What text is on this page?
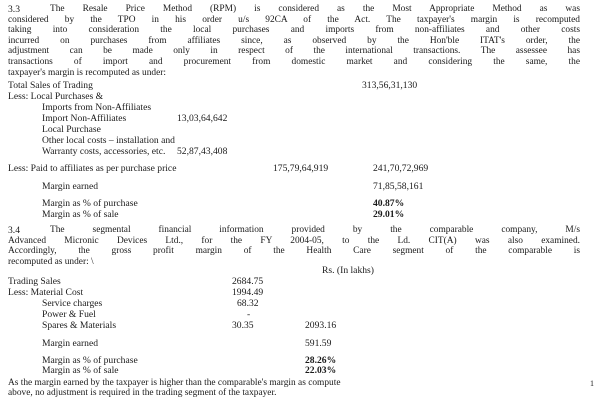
3.3	The Resale Price Method (RPM) is considered as the Most Appropriate Method as was
considered by the TPO in his order u/s 92CA of the Act. The taxpayer's margin is recomputed
taking into consideration the local purchases and imports from non-affiliates and other costs
incurred on purchases from affiliates since, as observed by the Hon'ble ITAT's order, the
adjustment can be made only in respect of the international transactions. The assessee has
transactions of import and procurement from domestic market and considering the same, the
taxpayer's margin is recomputed as under:
Total Sales of Trading	313,56,31,130
Less: Local Purchases &
Imports from Non-Affiliates
Import Non-Affiliates	13,03,64,642
Local Purchase
Other local costs – installation and
Warranty costs, accessories, etc. 52,87,43,408
Less: Paid to affiliates as per purchase price	175,79,64,919	241,70,72,969
Margin earned	71,85,58,161
Margin as % of purchase	40.87%
Margin as % of sale	29.01%
3.4	The segmental financial information provided by the comparable company, M/s
Advanced Micronic Devices Ltd., for the FY 2004-05, to the Ld. CIT(A) was also examined.
Accordingly, the gross profit margin of the Health Care segment of the comparable is
recomputed as under: \
Rs. (In lakhs)
Trading Sales	2684.75
Less: Material Cost	1994.49
Service charges	68.32
Power & Fuel	-
Spares & Materials	30.35	2093.16
Margin earned	591.59
Margin as % of purchase	28.26%
Margin as % of sale	22.03%
As the margin earned by the taxpayer is higher than the comparable's margin as compute
above, no adjustment is required in the trading segment of the taxpayer.
1
